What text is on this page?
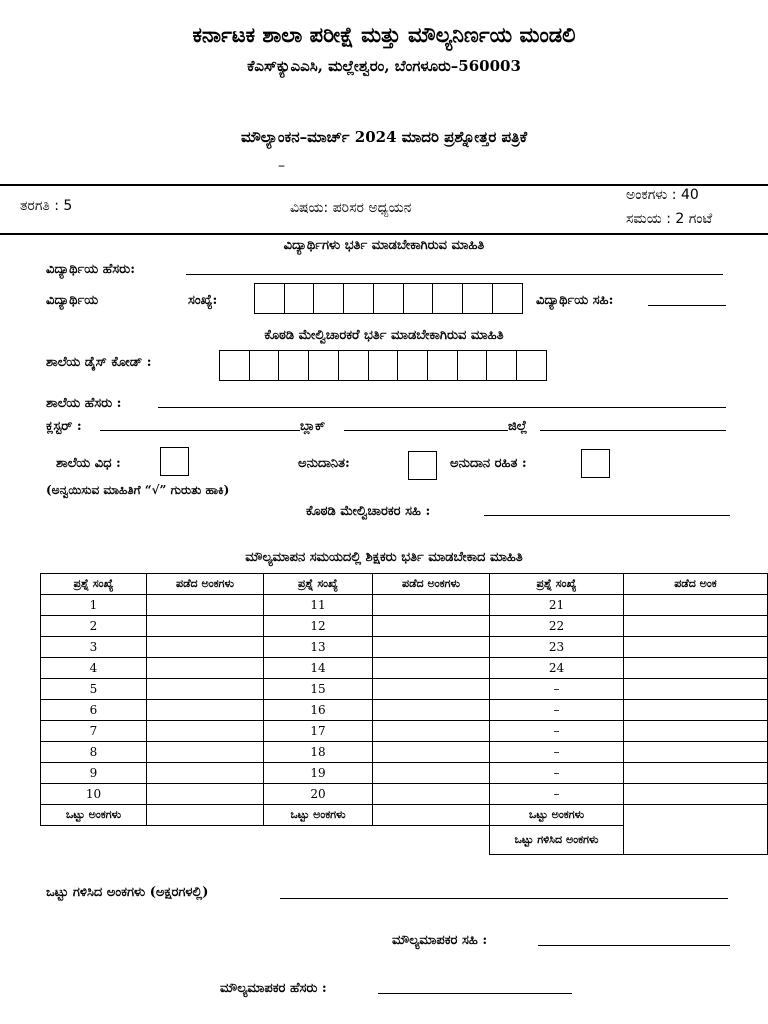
ಕರ್ನಾಟಕ ಶಾಲಾ ಪರೀಕ್ಷೆ ಮತ್ತು ಮೌಲ್ಯನಿರ್ಣಯ ಮಂಡಲಿ
ಕೆಎಸ್‌ಕ್ಯುಎಎಸಿ, ಮಲ್ಲೇಶ್ವರಂ, ಬೆಂಗಳೂರು–560003
ಮೌಲ್ಯಾಂಕನ–ಮಾರ್ಚ್ 2024 ಮಾದರಿ ಪ್ರಶ್ನೋತ್ತರ ಪತ್ರಿಕೆ
–
ತರಗತಿ : 5	ವಿಷಯ: ಪರಿಸರ ಅಧ್ಯಯನ
ಅಂಕಗಳು : 40
ಸಮಯ : 2 ಗಂಟೆ
ವಿದ್ಯಾರ್ಥಿಗಳು ಭರ್ತಿ ಮಾಡಬೇಕಾಗಿರುವ ಮಾಹಿತಿ
ವಿದ್ಯಾರ್ಥಿಯ ಹೆಸರು:
ವಿದ್ಯಾರ್ಥಿಯ	ಸಂಖ್ಯೆ:	ವಿದ್ಯಾರ್ಥಿಯ ಸಹಿ:
ಕೊಠಡಿ ಮೇಲ್ವಿಚಾರಕರೆ ಭರ್ತಿ ಮಾಡಬೇಕಾಗಿರುವ ಮಾಹಿತಿ
ಶಾಲೆಯ ಡೈಸ್ ಕೋಡ್ :
ಶಾಲೆಯ ಹೆಸರು :
ಕ್ಲಸ್ಟರ್ :	ಬ್ಲಾಕ್	ಜಿಲ್ಲೆ
ಶಾಲೆಯ ವಿಧ :	ಅನುದಾನಿತ:	ಅನುದಾನ ರಹಿತ :
(ಅನ್ವಯಿಸುವ ಮಾಹಿತಿಗೆ “√” ಗುರುತು ಹಾಕಿ)
ಕೊಠಡಿ ಮೇಲ್ವಿಚಾರಕರ ಸಹಿ :
ಮೌಲ್ಯಮಾಪನ ಸಮಯದಲ್ಲಿ ಶಿಕ್ಷಕರು ಭರ್ತಿ ಮಾಡಬೇಕಾದ ಮಾಹಿತಿ
ಪ್ರಶ್ನೆ ಸಂಖ್ಯೆ	ಪಡೆದ ಅಂಕಗಳು	ಪ್ರಶ್ನೆ ಸಂಖ್ಯೆ	ಪಡೆದ ಅಂಕಗಳು	ಪ್ರಶ್ನೆ ಸಂಖ್ಯೆ	ಪಡೆದ ಅಂಕ
1		11		21	
2		12		22	
3		13		23	
4		14		24	
5		15		–	
6		16		–	
7		17		–	
8		18		–	
9		19		–	
10		20		–	
ಒಟ್ಟು ಅಂಕಗಳು		ಒಟ್ಟು ಅಂಕಗಳು		ಒಟ್ಟು ಅಂಕಗಳು	
				ಒಟ್ಟು ಗಳಿಸಿದ ಅಂಕಗಳು	
ಒಟ್ಟು ಗಳಿಸಿದ ಅಂಕಗಳು (ಅಕ್ಷರಗಳಲ್ಲಿ)
ಮೌಲ್ಯಮಾಪಕರ ಸಹಿ :
ಮೌಲ್ಯಮಾಪಕರ ಹೆಸರು :
